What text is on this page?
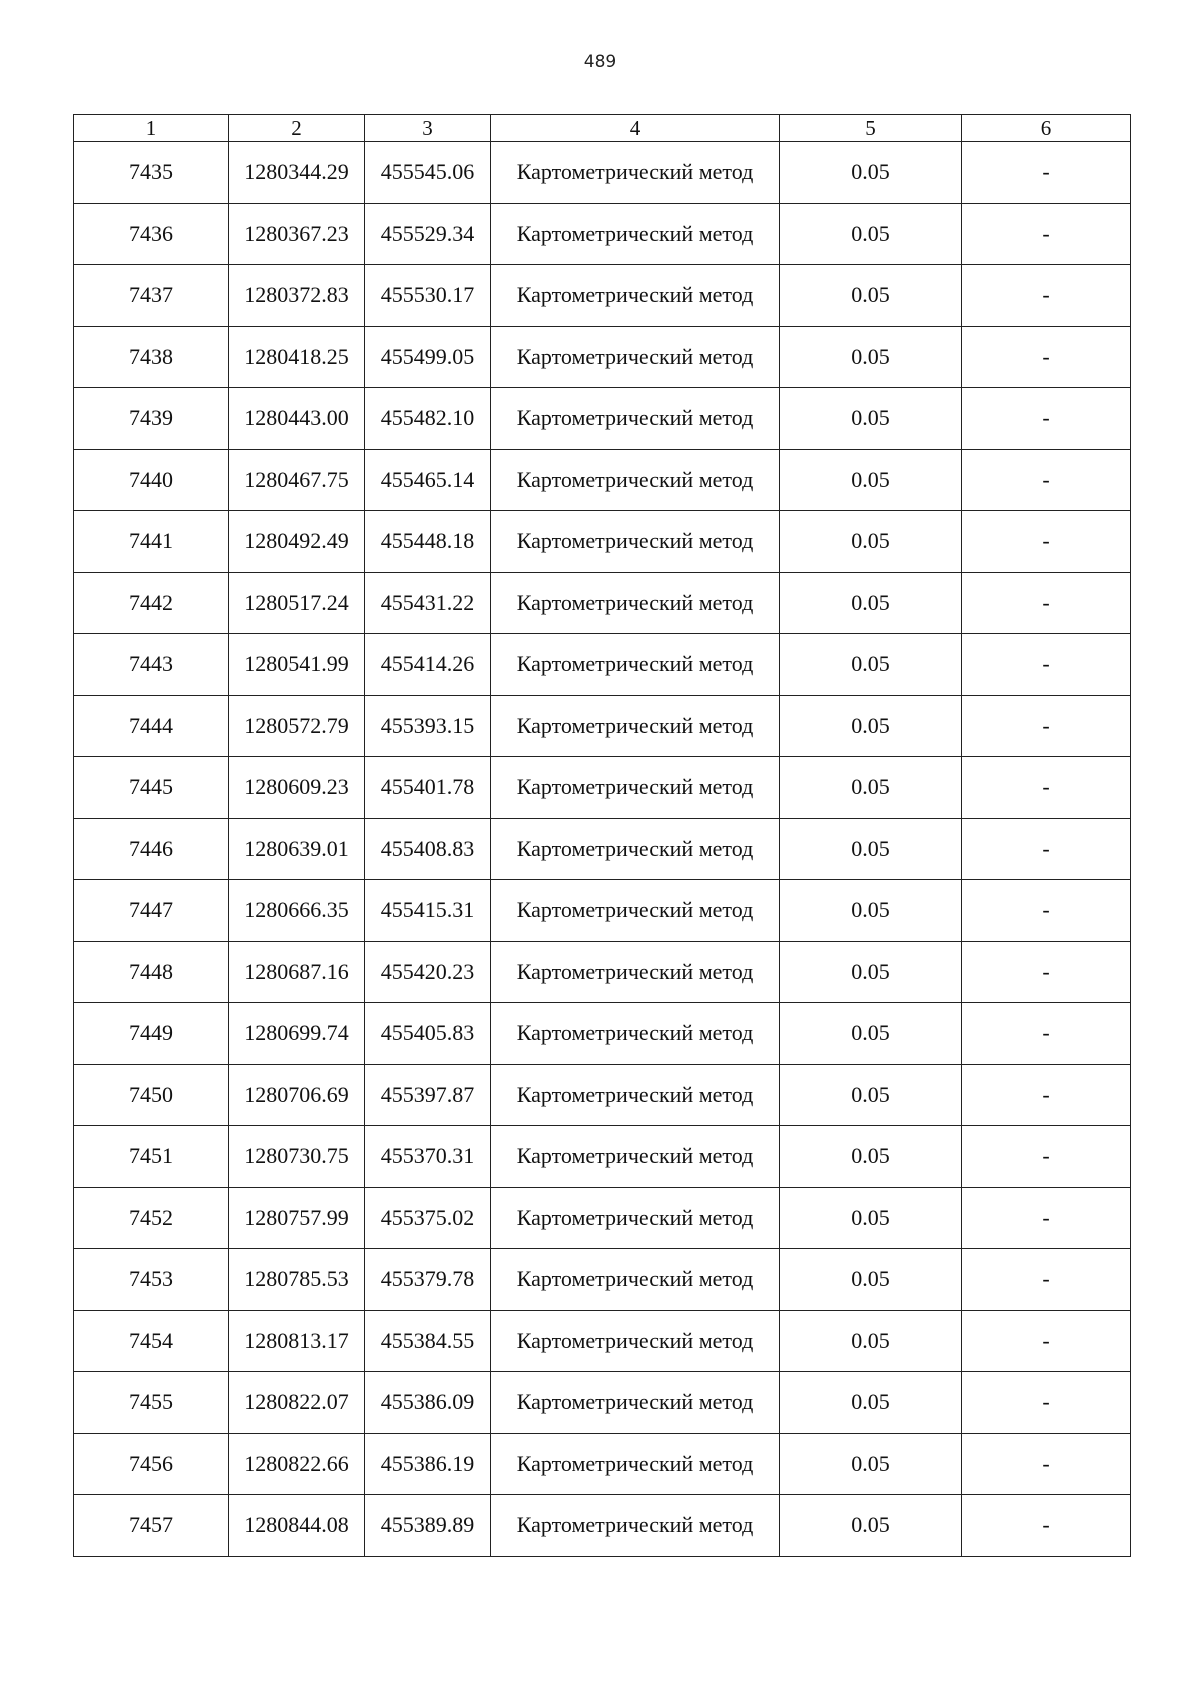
489
1	2	3	4	5	6
7435	1280344.29	455545.06	Картометрический метод	0.05	-
7436	1280367.23	455529.34	Картометрический метод	0.05	-
7437	1280372.83	455530.17	Картометрический метод	0.05	-
7438	1280418.25	455499.05	Картометрический метод	0.05	-
7439	1280443.00	455482.10	Картометрический метод	0.05	-
7440	1280467.75	455465.14	Картометрический метод	0.05	-
7441	1280492.49	455448.18	Картометрический метод	0.05	-
7442	1280517.24	455431.22	Картометрический метод	0.05	-
7443	1280541.99	455414.26	Картометрический метод	0.05	-
7444	1280572.79	455393.15	Картометрический метод	0.05	-
7445	1280609.23	455401.78	Картометрический метод	0.05	-
7446	1280639.01	455408.83	Картометрический метод	0.05	-
7447	1280666.35	455415.31	Картометрический метод	0.05	-
7448	1280687.16	455420.23	Картометрический метод	0.05	-
7449	1280699.74	455405.83	Картометрический метод	0.05	-
7450	1280706.69	455397.87	Картометрический метод	0.05	-
7451	1280730.75	455370.31	Картометрический метод	0.05	-
7452	1280757.99	455375.02	Картометрический метод	0.05	-
7453	1280785.53	455379.78	Картометрический метод	0.05	-
7454	1280813.17	455384.55	Картометрический метод	0.05	-
7455	1280822.07	455386.09	Картометрический метод	0.05	-
7456	1280822.66	455386.19	Картометрический метод	0.05	-
7457	1280844.08	455389.89	Картометрический метод	0.05	-
